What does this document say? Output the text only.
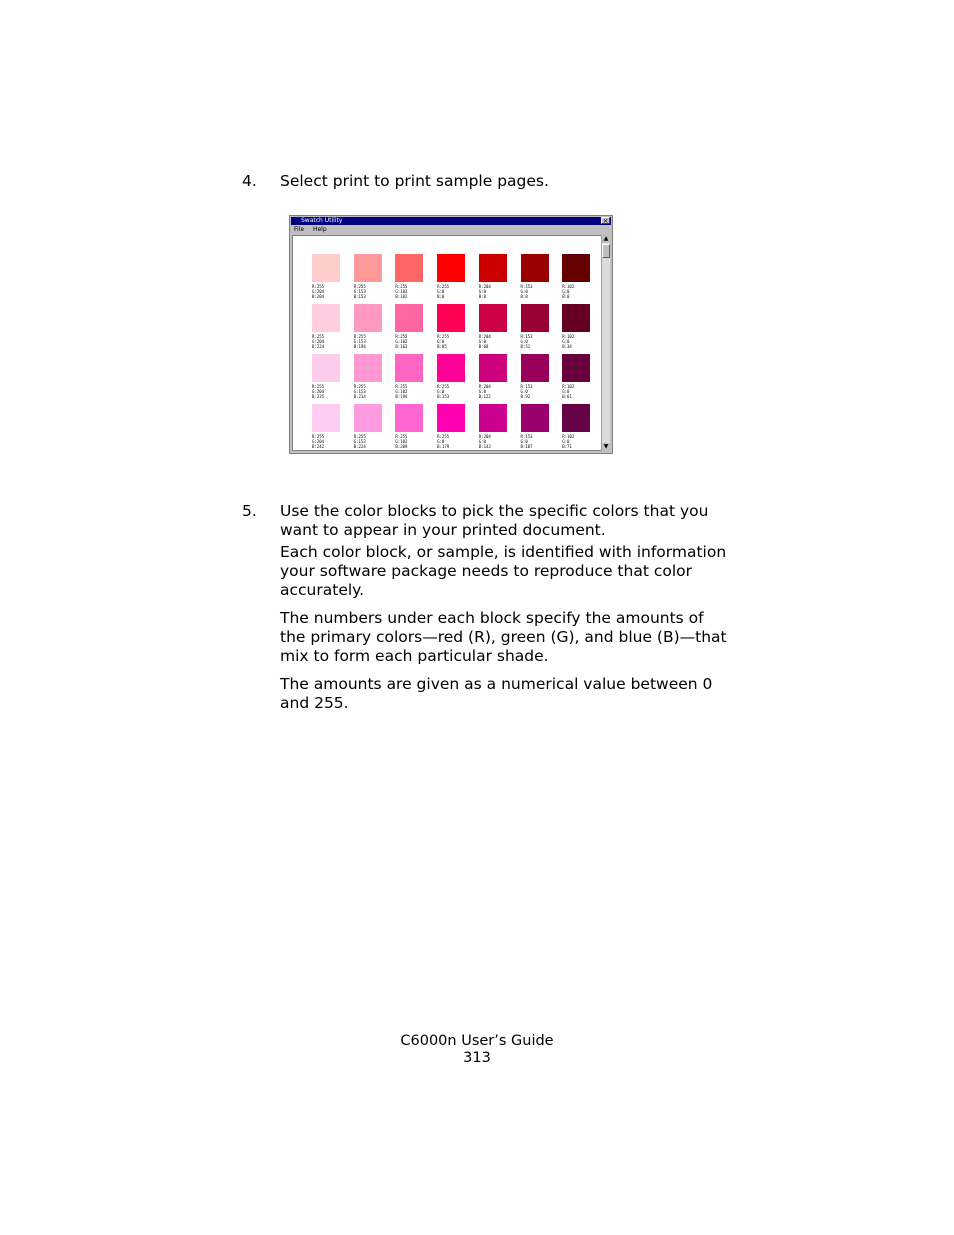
4. Select print to print sample pages.

Swatch Utility	×
File Help
R:255
G:204
B:204
R:255
G:153
B:153
R:255
G:102
B:102
R:255
G:0
B:0
R:204
G:0
B:0
R:153
G:0
B:0
R:102
G:0
B:0
R:255
G:204
B:224
R:255
G:153
B:194
R:255
G:102
B:163
R:255
G:0
B:85
R:204
G:0
B:68
R:153
G:0
B:51
R:102
G:0
B:34
R:255
G:204
B:235
R:255
G:153
B:214
R:255
G:102
B:194
R:255
G:0
B:153
R:204
G:0
B:122
R:153
G:0
B:92
R:102
G:0
B:61
R:255
G:204
B:242
R:255
G:153
B:224
R:255
G:102
B:209
R:255
G:0
B:179
R:204
G:0
B:143
R:153
G:0
B:107
R:102
G:0
B:71
▲
▼
5. Use the color blocks to pick the specific colors that you want to appear in your printed document.

Each color block, or sample, is identified with information your software package needs to reproduce that color accurately.

The numbers under each block specify the amounts of the primary colors—red (R), green (G), and blue (B)—that mix to form each particular shade.

The amounts are given as a numerical value between 0 and 255.

C6000n User’s Guide
313
